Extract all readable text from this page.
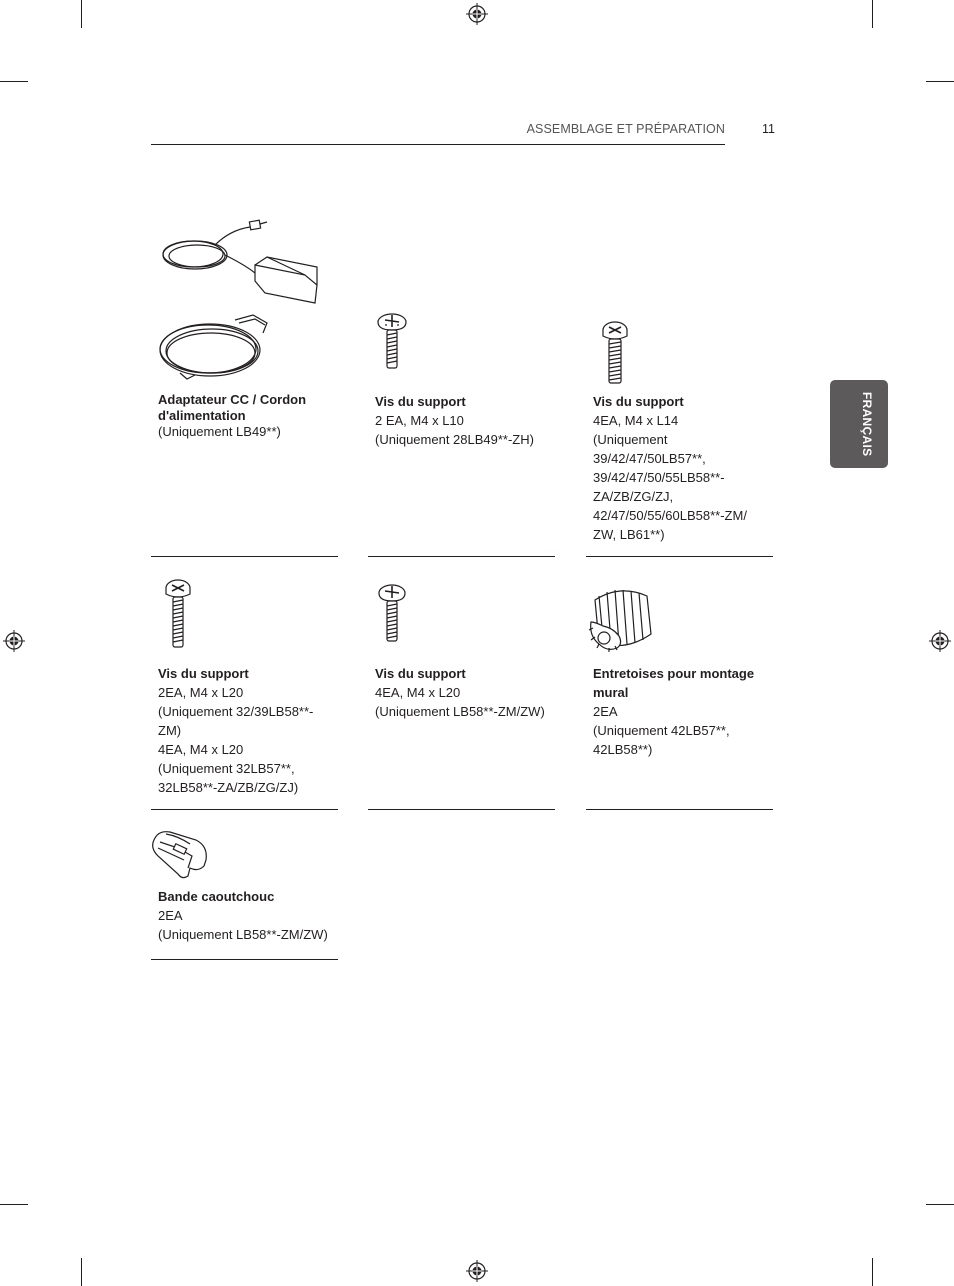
ASSEMBLAGE ET PRÉPARATION	11
FRANÇAIS
Adaptateur CC / Cordon d'alimentation
(Uniquement LB49**)
Vis du support
2 EA, M4 x L10
(Uniquement 28LB49**-ZH)
Vis du support
4EA, M4 x L14
(Uniquement
39/42/47/50LB57**,
39/42/47/50/55LB58**-
ZA/ZB/ZG/ZJ,
42/47/50/55/60LB58**-ZM/
ZW, LB61**)
Vis du support
2EA, M4 x L20
(Uniquement 32/39LB58**-
ZM)
4EA, M4 x L20
(Uniquement 32LB57**,
32LB58**-ZA/ZB/ZG/ZJ)
Vis du support
4EA, M4 x L20
(Uniquement LB58**-ZM/ZW)
Entretoises pour montage mural
2EA
(Uniquement 42LB57**,
42LB58**)
Bande caoutchouc
2EA
(Uniquement LB58**-ZM/ZW)
